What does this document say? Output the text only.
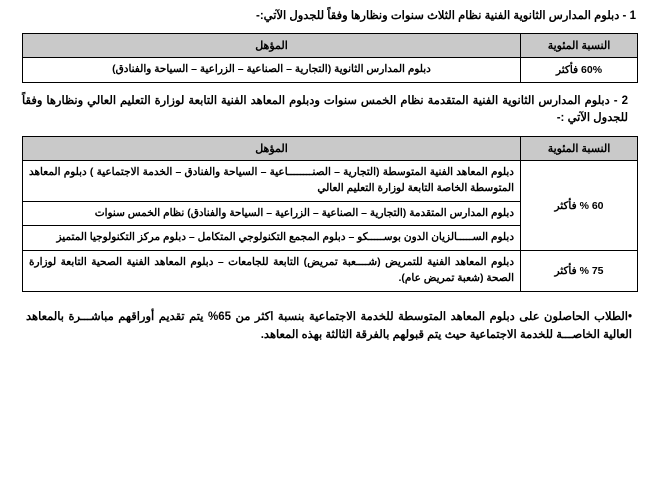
1 - دبلوم المدارس الثانوية الفنية نظام الثلاث سنوات ونظارها وفقاً للجدول الآتي:-

النسبة المئوية	المؤهل
60% فأكثر	دبلوم المدارس الثانوية (التجارية – الصناعية – الزراعية – السياحة والفنادق)

2 - دبلوم المدارس الثانوية الفنية المتقدمة نظام الخمس سنوات ودبلوم المعاهد الفنية التابعة لوزارة التعليم العالي ونظارها وفقاً للجدول الآتي :-

النسبة المئوية	المؤهل
60 % فأكثر	دبلوم المعاهد الفنية المتوسطة (التجارية – الصنــــــــاعية – السياحة والفنادق – الخدمة الاجتماعية ) دبلوم المعاهد المتوسطة الخاصة التابعة لوزارة التعليم العالي
	دبلوم المدارس المتقدمة (التجارية – الصناعية – الزراعية – السياحة والفنادق) نظام الخمس سنوات
	دبلوم الســـــالزيان الدون بوســـــكو – دبلوم المجمع التكنولوجي المتكامل – دبلوم مركز التكنولوجيا المتميز
75 % فأكثر	دبلوم المعاهد الفنية للتمريض (شــــعبة تمريض) التابعة للجامعات – دبلوم المعاهد الفنية الصحية التابعة لوزارة الصحة (شعبة تمريض عام).

•الطلاب الحاصلون على دبلوم المعاهد المتوسطة للخدمة الاجتماعية بنسبة اكثر من 65% يتم تقديم أوراقهم مباشـــرة بالمعاهد العالية الخاصـــة للخدمة الاجتماعية حيث يتم قبولهم بالفرقة الثالثة بهذه المعاهد.
